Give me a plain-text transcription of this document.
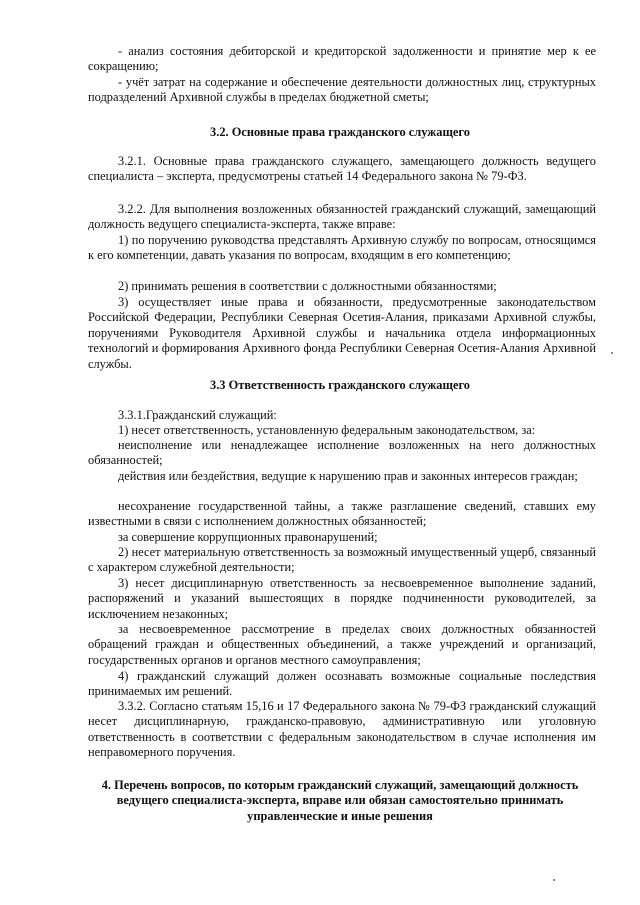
- анализ состояния дебиторской и кредиторской задолженности и принятие мер к ее сокращению;

- учёт затрат на содержание и обеспечение деятельности должностных лиц, структурных подразделений Архивной службы в пределах бюджетной сметы;

3.2. Основные права гражданского служащего

3.2.1. Основные права гражданского служащего, замещающего должность ведущего специалиста – эксперта, предусмотрены статьей 14 Федерального закона № 79-ФЗ.

3.2.2. Для выполнения возложенных обязанностей гражданский служащий, замещающий должность ведущего специалиста-эксперта, также вправе:

1) по поручению руководства представлять Архивную службу по вопросам, относящимся к его компетенции, давать указания по вопросам, входящим в его компетенцию;

2) принимать решения в соответствии с должностными обязанностями;

3) осуществляет иные права и обязанности, предусмотренные законодательством Российской Федерации, Республики Северная Осетия-Алания, приказами Архивной службы, поручениями Руководителя Архивной службы и начальника отдела информационных технологий и формирования Архивного фонда Республики Северная Осетия-Алания Архивной службы.

3.3 Ответственность гражданского служащего

3.3.1.Гражданский служащий:

1) несет ответственность, установленную федеральным законодательством, за:

неисполнение или ненадлежащее исполнение возложенных на него должностных обязанностей;

действия или бездействия, ведущие к нарушению прав и законных интересов граждан;

несохранение государственной тайны, а также разглашение сведений, ставших ему известными в связи с исполнением должностных обязанностей;

за совершение коррупционных правонарушений;

2) несет материальную ответственность за возможный имущественный ущерб, связанный с характером служебной деятельности;

3) несет дисциплинарную ответственность за несвоевременное выполнение заданий, распоряжений и указаний вышестоящих в порядке подчиненности руководителей, за исключением незаконных;

за несвоевременное рассмотрение в пределах своих должностных обязанностей обращений граждан и общественных объединений, а также учреждений и организаций, государственных органов и органов местного самоуправления;

4) гражданский служащий должен осознавать возможные социальные последствия принимаемых им решений.

3.3.2. Согласно статьям 15,16 и 17 Федерального закона № 79-ФЗ гражданский служащий несет дисциплинарную, гражданско-правовую, административную или уголовную ответственность в соответствии с федеральным законодательством в случае исполнения им неправомерного поручения.

4. Перечень вопросов, по которым гражданский служащий, замещающий должность ведущего специалиста-эксперта, вправе или обязан самостоятельно принимать управленческие и иные решения
